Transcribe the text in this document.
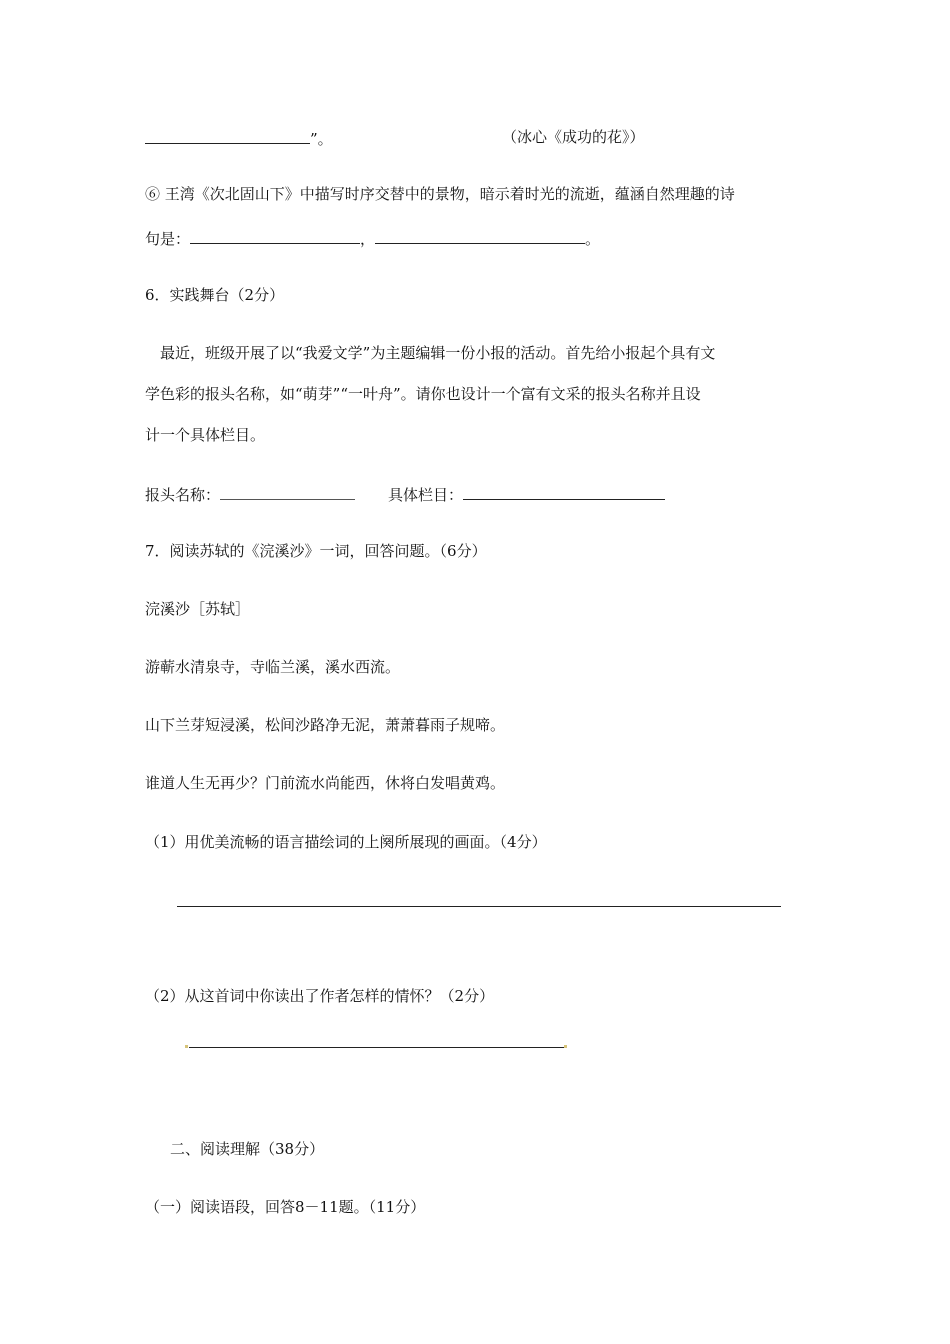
”。	（冰心《成功的花》）
⑥ 王湾《次北固山下》中描写时序交替中的景物，暗示着时光的流逝，蕴涵自然理趣的诗
句是：	，	。
6．实践舞台（2分）
最近，班级开展了以“我爱文学”为主题编辑一份小报的活动。首先给小报起个具有文
学色彩的报头名称，如“萌芽”“一叶舟”。请你也设计一个富有文采的报头名称并且设
计一个具体栏目。
报头名称：	具体栏目：
7．阅读苏轼的《浣溪沙》一词，回答问题。（6分）
浣溪沙［苏轼］
游蕲水清泉寺，寺临兰溪，溪水西流。
山下兰芽短浸溪，松间沙路净无泥，萧萧暮雨子规啼。
谁道人生无再少？门前流水尚能西，休将白发唱黄鸡。
（1）用优美流畅的语言描绘词的上阕所展现的画面。（4分）
（2）从这首词中你读出了作者怎样的情怀？（2分）
二、阅读理解（38分）
（一）阅读语段，回答8－11题。（11分）
